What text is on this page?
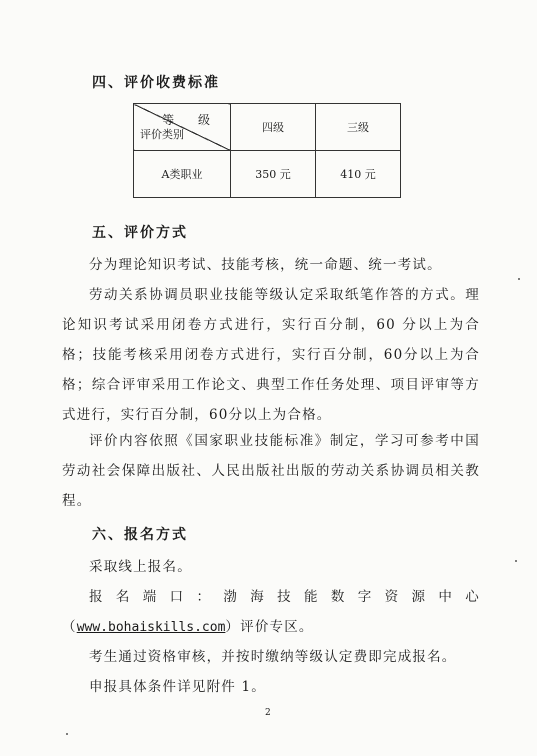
四、评价收费标准
等 级
评价类别	四级	三级
A类职业	350 元	410 元
五、评价方式
分为理论知识考试、技能考核，统一命题、统一考试。
劳动关系协调员职业技能等级认定采取纸笔作答的方式。理论知识考试采用闭卷方式进行，实行百分制，60 分以上为合格；技能考核采用闭卷方式进行，实行百分制，60分以上为合格；综合评审采用工作论文、典型工作任务处理、项目评审等方式进行，实行百分制，60分以上为合格。
评价内容依照《国家职业技能标准》制定，学习可参考中国劳动社会保障出版社、人民出版社出版的劳动关系协调员相关教程。
六、报名方式
采取线上报名。
报名端口：渤海技能数字资源中心（www.bohaiskills.com）评价专区。
考生通过资格审核，并按时缴纳等级认定费即完成报名。
申报具体条件详见附件 1。
2
